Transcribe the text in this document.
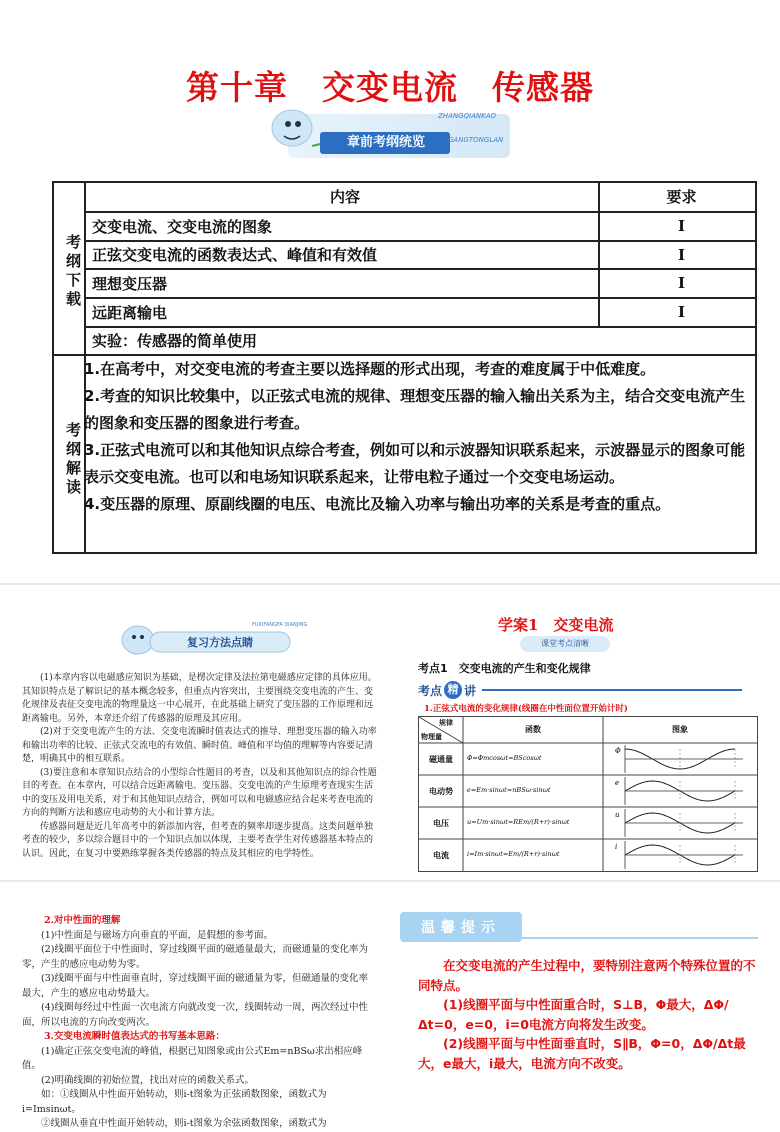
第十章　交变电流　传感器
章前考纲统览
ZHANGQIANKAO
GANGTONGLAN
考纲下载
考纲解读
内容	要求
交变电流、交变电流的图象	I
正弦交变电流的函数表达式、峰值和有效值	I
理想变压器	I
远距离输电	I
实验：传感器的简单使用

1.在高考中，对交变电流的考查主要以选择题的形式出现，考查的难度属于中低难度。

2.考查的知识比较集中，以正弦式电流的规律、理想变压器的输入输出关系为主，结合交变电流产生的图象和变压器的图象进行考查。

3.正弦式电流可以和其他知识点综合考查，例如可以和示波器知识联系起来，示波器显示的图象可能表示交变电流。也可以和电场知识联系起来，让带电粒子通过一个交变电场运动。

4.变压器的原理、原副线圈的电压、电流比及输入功率与输出功率的关系是考查的重点。

复习方法点睛
FUXIFANGFA DIANJING

(1)本章内容以电磁感应知识为基础，是楞次定律及法拉第电磁感应定律的具体应用。其知识特点是了解识记的基本概念较多，但重点内容突出，主要围绕交变电流的产生、变化规律及表征交变电流的物理量这一中心展开，在此基础上研究了变压器的工作原理和远距离输电。另外，本章还介绍了传感器的原理及其应用。

(2)对于交变电流产生的方法、交变电流瞬时值表达式的推导、理想变压器的输入功率和输出功率的比较、正弦式交流电的有效值、瞬时值、峰值和平均值的理解等内容要记清楚，明确其中的相互联系。

(3)要注意和本章知识点结合的小型综合性题目的考查，以及和其他知识点的综合性题目的考查。在本章内，可以结合远距离输电、变压器、交变电流的产生原理考查现实生活中的变压及用电关系，对于和其他知识点结合，例如可以和电磁感应结合起来考查电流的方向的判断方法和感应电动势的大小和计算方法。

传感器问题是近几年高考中的新添加内容，但考查的频率却逐步提高。这类问题单独考查的较少，多以综合题目中的一个知识点加以体现，主要考查学生对传感器基本特点的认识。因此，在复习中要熟练掌握各类传感器的特点及其相应的电学特性。

学案1　交变电流
课堂考点清晰
考点1　交变电流的产生和变化规律
考点 精 讲
1.正弦式电流的变化规律(线圈在中性面位置开始计时)
规律
物理量
函数	图象
磁通量	Φ=Φmcosωt=BScosωt
电动势	e=Em·sinωt=nBSω·sinωt
电压	u=Um·sinωt=REm/(R+r)·sinωt
电流	i=Im·sinωt=Em/(R+r)·sinωt
Φ
e
u
i

2.对中性面的理解

(1)中性面是与磁场方向垂直的平面，是假想的参考面。

(2)线圈平面位于中性面时，穿过线圈平面的磁通量最大，而磁通量的变化率为零，产生的感应电动势为零。

(3)线圈平面与中性面垂直时，穿过线圈平面的磁通量为零，但磁通量的变化率最大，产生的感应电动势最大。

(4)线圈每经过中性面一次电流方向就改变一次，线圈转动一周，两次经过中性面，所以电流的方向改变两次。

3.交变电流瞬时值表达式的书写基本思路：

(1)确定正弦交变电流的峰值，根据已知图象或由公式Em=nBSω求出相应峰值。

(2)明确线圈的初始位置，找出对应的函数关系式。

如：①线圈从中性面开始转动，则i-t图象为正弦函数图象，函数式为i=Imsinωt。

②线圈从垂直中性面开始转动，则i-t图象为余弦函数图象，函数式为

温馨提示

在交变电流的产生过程中，要特别注意两个特殊位置的不同特点。

(1)线圈平面与中性面重合时，S⊥B，Φ最大，ΔΦ/Δt=0，e=0，i=0电流方向将发生改变。

(2)线圈平面与中性面垂直时，S∥B，Φ=0，ΔΦ/Δt最大，e最大，i最大，电流方向不改变。
